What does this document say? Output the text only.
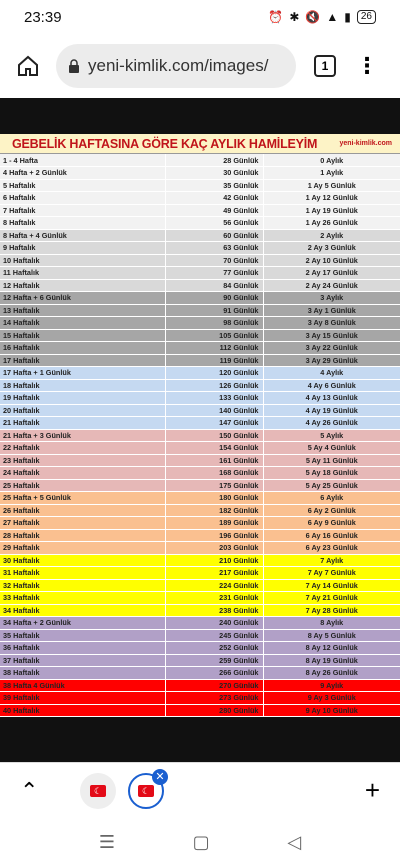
23:39	⏰ ✱ 🔇 ▲ ▮	26
yeni-kimlik.com/images/	1	⋮
GEBELİK HAFTASINA GÖRE KAÇ AYLIK HAMİLEYİM	yeni-kimlik.com
1 - 4 Hafta	28 Günlük	0 Aylık
4 Hafta + 2 Günlük	30 Günlük	1 Aylık
5 Haftalık	35 Günlük	1 Ay 5 Günlük
6 Haftalık	42 Günlük	1 Ay 12 Günlük
7 Haftalık	49 Günlük	1 Ay 19 Günlük
8 Haftalık	56 Günlük	1 Ay 26 Günlük
8 Hafta + 4 Günlük	60 Günlük	2 Aylık
9 Haftalık	63 Günlük	2 Ay 3 Günlük
10 Haftalık	70 Günlük	2 Ay 10 Günlük
11 Haftalık	77 Günlük	2 Ay 17 Günlük
12 Haftalık	84 Günlük	2 Ay 24 Günlük
12 Hafta + 6 Günlük	90 Günlük	3 Aylık
13 Haftalık	91 Günlük	3 Ay 1 Günlük
14 Haftalık	98 Günlük	3 Ay 8 Günlük
15 Haftalık	105 Günlük	3 Ay 15 Günlük
16 Haftalık	112 Günlük	3 Ay 22 Günlük
17 Haftalık	119 Günlük	3 Ay 29 Günlük
17 Hafta + 1 Günlük	120 Günlük	4 Aylık
18 Haftalık	126 Günlük	4 Ay 6 Günlük
19 Haftalık	133 Günlük	4 Ay 13 Günlük
20 Haftalık	140 Günlük	4 Ay 19 Günlük
21 Haftalık	147 Günlük	4 Ay 26 Günlük
21 Hafta + 3 Günlük	150 Günlük	5 Aylık
22 Haftalık	154 Günlük	5 Ay 4 Günlük
23 Haftalık	161 Günlük	5 Ay 11 Günlük
24 Haftalık	168 Günlük	5 Ay 18 Günlük
25 Haftalık	175 Günlük	5 Ay 25 Günlük
25 Hafta + 5 Günlük	180 Günlük	6 Aylık
26 Haftalık	182 Günlük	6 Ay 2 Günlük
27 Haftalık	189 Günlük	6 Ay 9 Günlük
28 Haftalık	196 Günlük	6 Ay 16 Günlük
29 Haftalık	203 Günlük	6 Ay 23 Günlük
30 Haftalık	210 Günlük	7 Aylık
31 Haftalık	217 Günlük	7 Ay 7 Günlük
32 Haftalık	224 Günlük	7 Ay 14 Günlük
33 Haftalık	231 Günlük	7 Ay 21 Günlük
34 Haftalık	238 Günlük	7 Ay 28 Günlük
34 Hafta + 2 Günlük	240 Günlük	8 Aylık
35 Haftalık	245 Günlük	8 Ay 5 Günlük
36 Haftalık	252 Günlük	8 Ay 12 Günlük
37 Haftalık	259 Günlük	8 Ay 19 Günlük
38 Haftalık	266 Günlük	8 Ay 26 Günlük
38 Hafta 4 Günlük	270 Günlük	9 Aylık
39 Haftalık	273 Günlük	9 Ay 3 Günlük
40 Haftalık	280 Günlük	9 Ay 10 Günlük
⌃	☾	☾
✕	+
☰	▢	◁
